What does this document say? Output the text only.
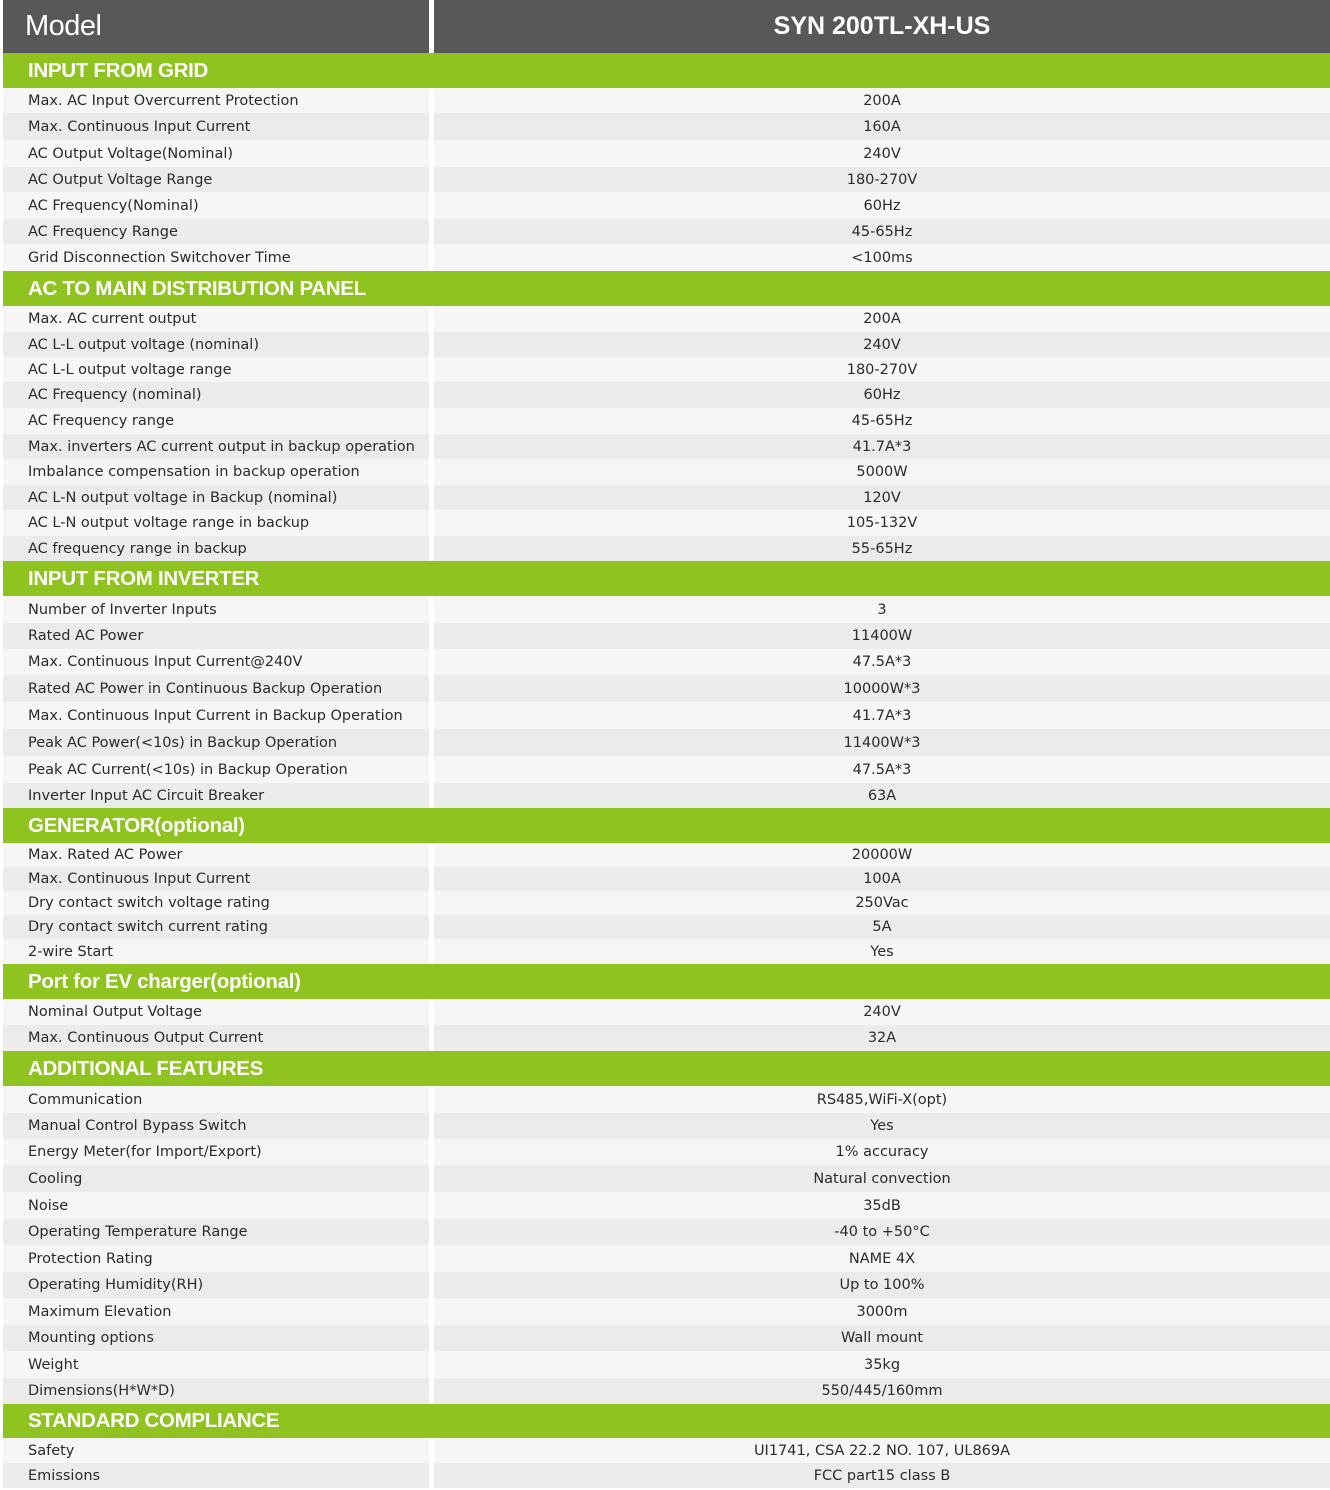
Model	SYN 200TL-XH-US
INPUT FROM GRID
Max. AC Input Overcurrent Protection	200A
Max. Continuous Input Current	160A
AC Output Voltage(Nominal)	240V
AC Output Voltage Range	180-270V
AC Frequency(Nominal)	60Hz
AC Frequency Range	45-65Hz
Grid Disconnection Switchover Time	<100ms
AC TO MAIN DISTRIBUTION PANEL
Max. AC current output	200A
AC L-L output voltage (nominal)	240V
AC L-L output voltage range	180-270V
AC Frequency (nominal)	60Hz
AC Frequency range	45-65Hz
Max. inverters AC current output in backup operation	41.7A*3
Imbalance compensation in backup operation	5000W
AC L-N output voltage in Backup (nominal)	120V
AC L-N output voltage range in backup	105-132V
AC frequency range in backup	55-65Hz
INPUT FROM INVERTER
Number of Inverter Inputs	3
Rated AC Power	11400W
Max. Continuous Input Current@240V	47.5A*3
Rated AC Power in Continuous Backup Operation	10000W*3
Max. Continuous Input Current in Backup Operation	41.7A*3
Peak AC Power(<10s) in Backup Operation	11400W*3
Peak AC Current(<10s) in Backup Operation	47.5A*3
Inverter Input AC Circuit Breaker	63A
GENERATOR(optional)
Max. Rated AC Power	20000W
Max. Continuous Input Current	100A
Dry contact switch voltage rating	250Vac
Dry contact switch current rating	5A
2-wire Start	Yes
Port for EV charger(optional)
Nominal Output Voltage	240V
Max. Continuous Output Current	32A
ADDITIONAL FEATURES
Communication	RS485,WiFi-X(opt)
Manual Control Bypass Switch	Yes
Energy Meter(for Import/Export)	1% accuracy
Cooling	Natural convection
Noise	35dB
Operating Temperature Range	-40 to +50°C
Protection Rating	NAME 4X
Operating Humidity(RH)	Up to 100%
Maximum Elevation	3000m
Mounting options	Wall mount
Weight	35kg
Dimensions(H*W*D)	550/445/160mm
STANDARD COMPLIANCE
Safety	UI1741, CSA 22.2 NO. 107, UL869A
Emissions	FCC part15 class B
